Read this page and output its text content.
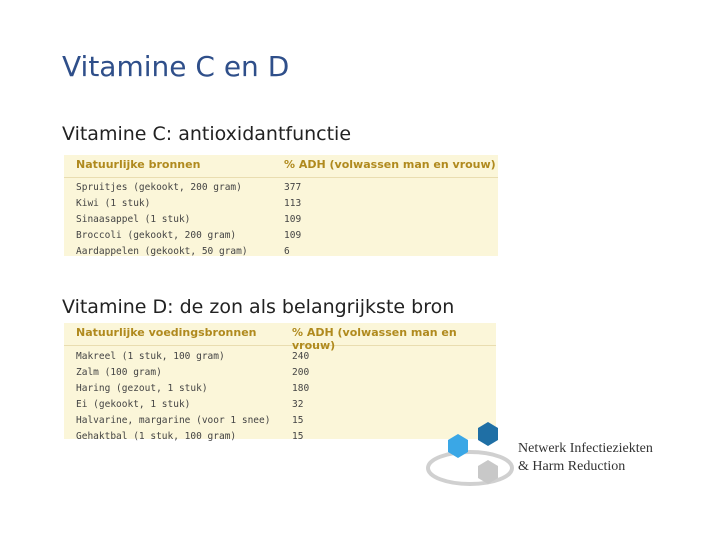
Vitamine C en D

Vitamine C: antioxidantfunctie

Natuurlijke bronnen	% ADH (volwassen man en vrouw)
Spruitjes (gekookt, 200 gram)	377
Kiwi (1 stuk)	113
Sinaasappel (1 stuk)	109
Broccoli (gekookt, 200 gram)	109
Aardappelen (gekookt, 50 gram)	6

Vitamine D: de zon als belangrijkste bron

Natuurlijke voedingsbronnen	% ADH (volwassen man en vrouw)
Makreel (1 stuk, 100 gram)	240
Zalm (100 gram)	200
Haring (gezout, 1 stuk)	180
Ei (gekookt, 1 stuk)	32
Halvarine, margarine (voor 1 snee) 15
Gehaktbal (1 stuk, 100 gram)	15
Netwerk Infectieziekten
& Harm Reduction
